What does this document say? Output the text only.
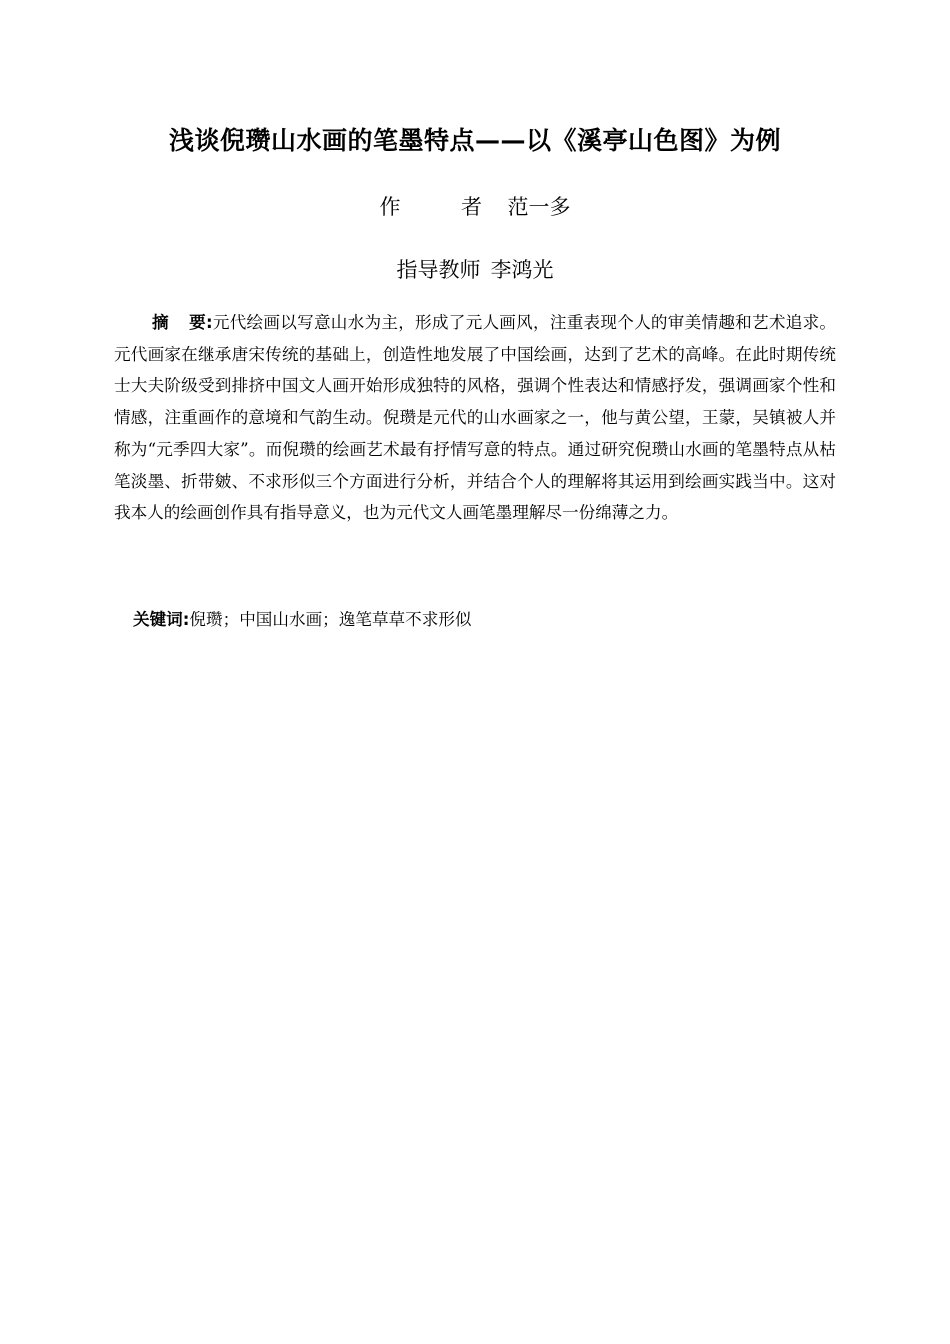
浅谈倪瓒山水画的笔墨特点——以《溪亭山色图》为例
作	者 范一多
指导教师 李鸿光

摘 要:元代绘画以写意山水为主，形成了元人画风，注重表现个人的审美情趣和艺术追求。元代画家在继承唐宋传统的基础上，创造性地发展了中国绘画，达到了艺术的高峰。在此时期传统士大夫阶级受到排挤中国文人画开始形成独特的风格，强调个性表达和情感抒发，强调画家个性和情感，注重画作的意境和气韵生动。倪瓒是元代的山水画家之一，他与黄公望，王蒙，吴镇被人并称为“元季四大家”。而倪瓒的绘画艺术最有抒情写意的特点。通过研究倪瓒山水画的笔墨特点从枯笔淡墨、折带皴、不求形似三个方面进行分析，并结合个人的理解将其运用到绘画实践当中。这对我本人的绘画创作具有指导意义，也为元代文人画笔墨理解尽一份绵薄之力。

关键词:倪瓒；中国山水画；逸笔草草不求形似
